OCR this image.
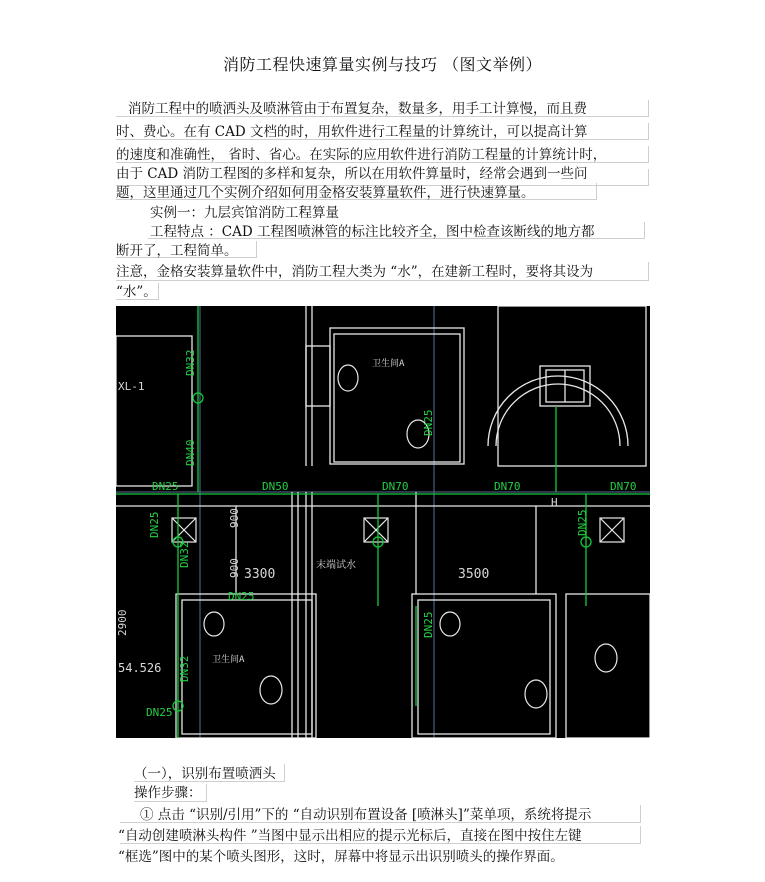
消防工程快速算量实例与技巧 （图文举例）
消防工程中的喷洒头及喷淋管由于布置复杂，数量多，用手工计算慢，而且费
时、费心。在有 CAD 文档的时，用软件进行工程量的计算统计，可以提高计算
的速度和准确性， 省时、省心。在实际的应用软件进行消防工程量的计算统计时，
由于 CAD 消防工程图的多样和复杂，所以在用软件算量时，经常会遇到一些问
题，这里通过几个实例介绍如何用金格安装算量软件，进行快速算量。
实例一：九层宾馆消防工程算量
工程特点 ：CAD 工程图喷淋管的标注比较齐全，图中检查该断线的地方都
断开了，工程简单。
注意，金格安装算量软件中，消防工程大类为 “水”，在建新工程时，要将其设为
“水”。
DN32
DN40
DN25
DN25	DN50	DN70	DN70	DN70
DN25
DN32
DN25
DN25
DN25
DN32
DN25
XL-1
卫生间A
H
900
900 3300	3500
末端试水
2900
卫生间A
54.526
（一），识别布置喷洒头
操作步骤：
① 点击 “识别/引用”下的 “自动识别布置设备 [喷淋头]”菜单项，系统将提示
“自动创建喷淋头构件 ”当图中显示出相应的提示光标后，直接在图中按住左键
“框选”图中的某个喷头图形，这时，屏幕中将显示出识别喷头的操作界面。
